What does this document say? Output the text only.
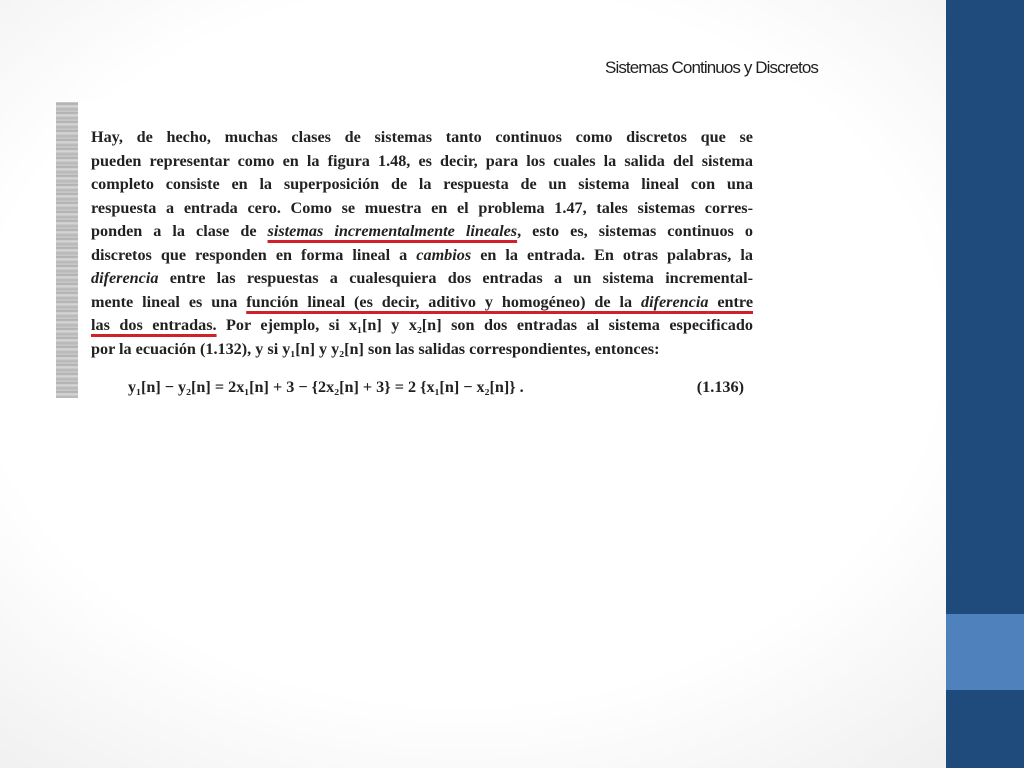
Sistemas Continuos y Discretos
Hay, de hecho, muchas clases de sistemas tanto continuos como discretos que se
pueden representar como en la figura 1.48, es decir, para los cuales la salida del sistema
completo consiste en la superposición de la respuesta de un sistema lineal con una
respuesta a entrada cero. Como se muestra en el problema 1.47, tales sistemas corres-
ponden a la clase de sistemas incrementalmente lineales, esto es, sistemas continuos o
discretos que responden en forma lineal a cambios en la entrada. En otras palabras, la
diferencia entre las respuestas a cualesquiera dos entradas a un sistema incremental-
mente lineal es una función lineal (es decir, aditivo y homogéneo) de la diferencia entre
las dos entradas. Por ejemplo, si x₁[n] y x₂[n] son dos entradas al sistema especificado
por la ecuación (1.132), y si y₁[n] y y₂[n] son las salidas correspondientes, entonces:
y₁[n] − y₂[n] = 2x₁[n] + 3 − {2x₂[n] + 3} = 2 {x₁[n] − x₂[n]} .	(1.136)
